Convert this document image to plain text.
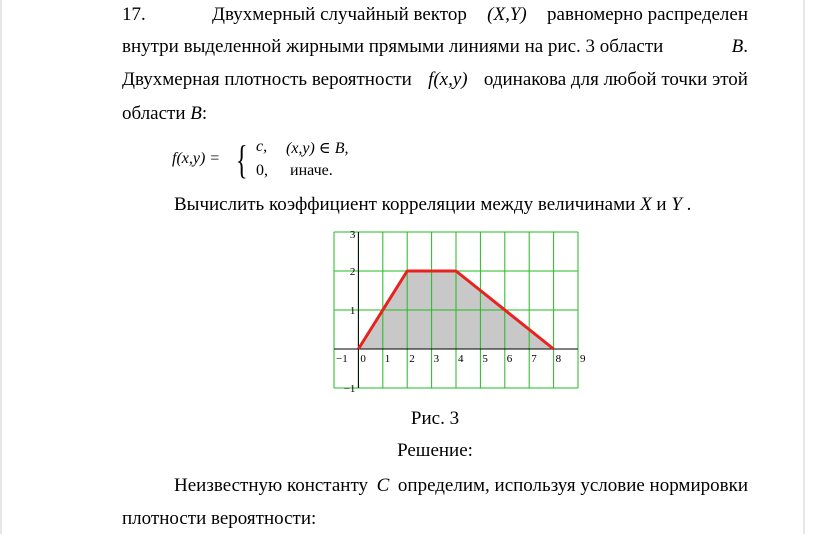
17.	Двухмерный случайный вектор (X,Y) равномерно распределен
внутри выделенной жирными прямыми линиями на рис. 3 области	B.
Двухмерная плотность вероятности f(x,y) одинакова для любой точки этой
области B:
f(x,y) = { c, (x,y) ∈ B,
0, иначе.
Вычислить коэффициент корреляции между величинами X и Y .
−1 0 1 2 3 4 5 6 7 8 9
−1
1
2
3
Рис. 3
Решение:
Неизвестную константу C определим, используя условие нормировки
плотности вероятности:
